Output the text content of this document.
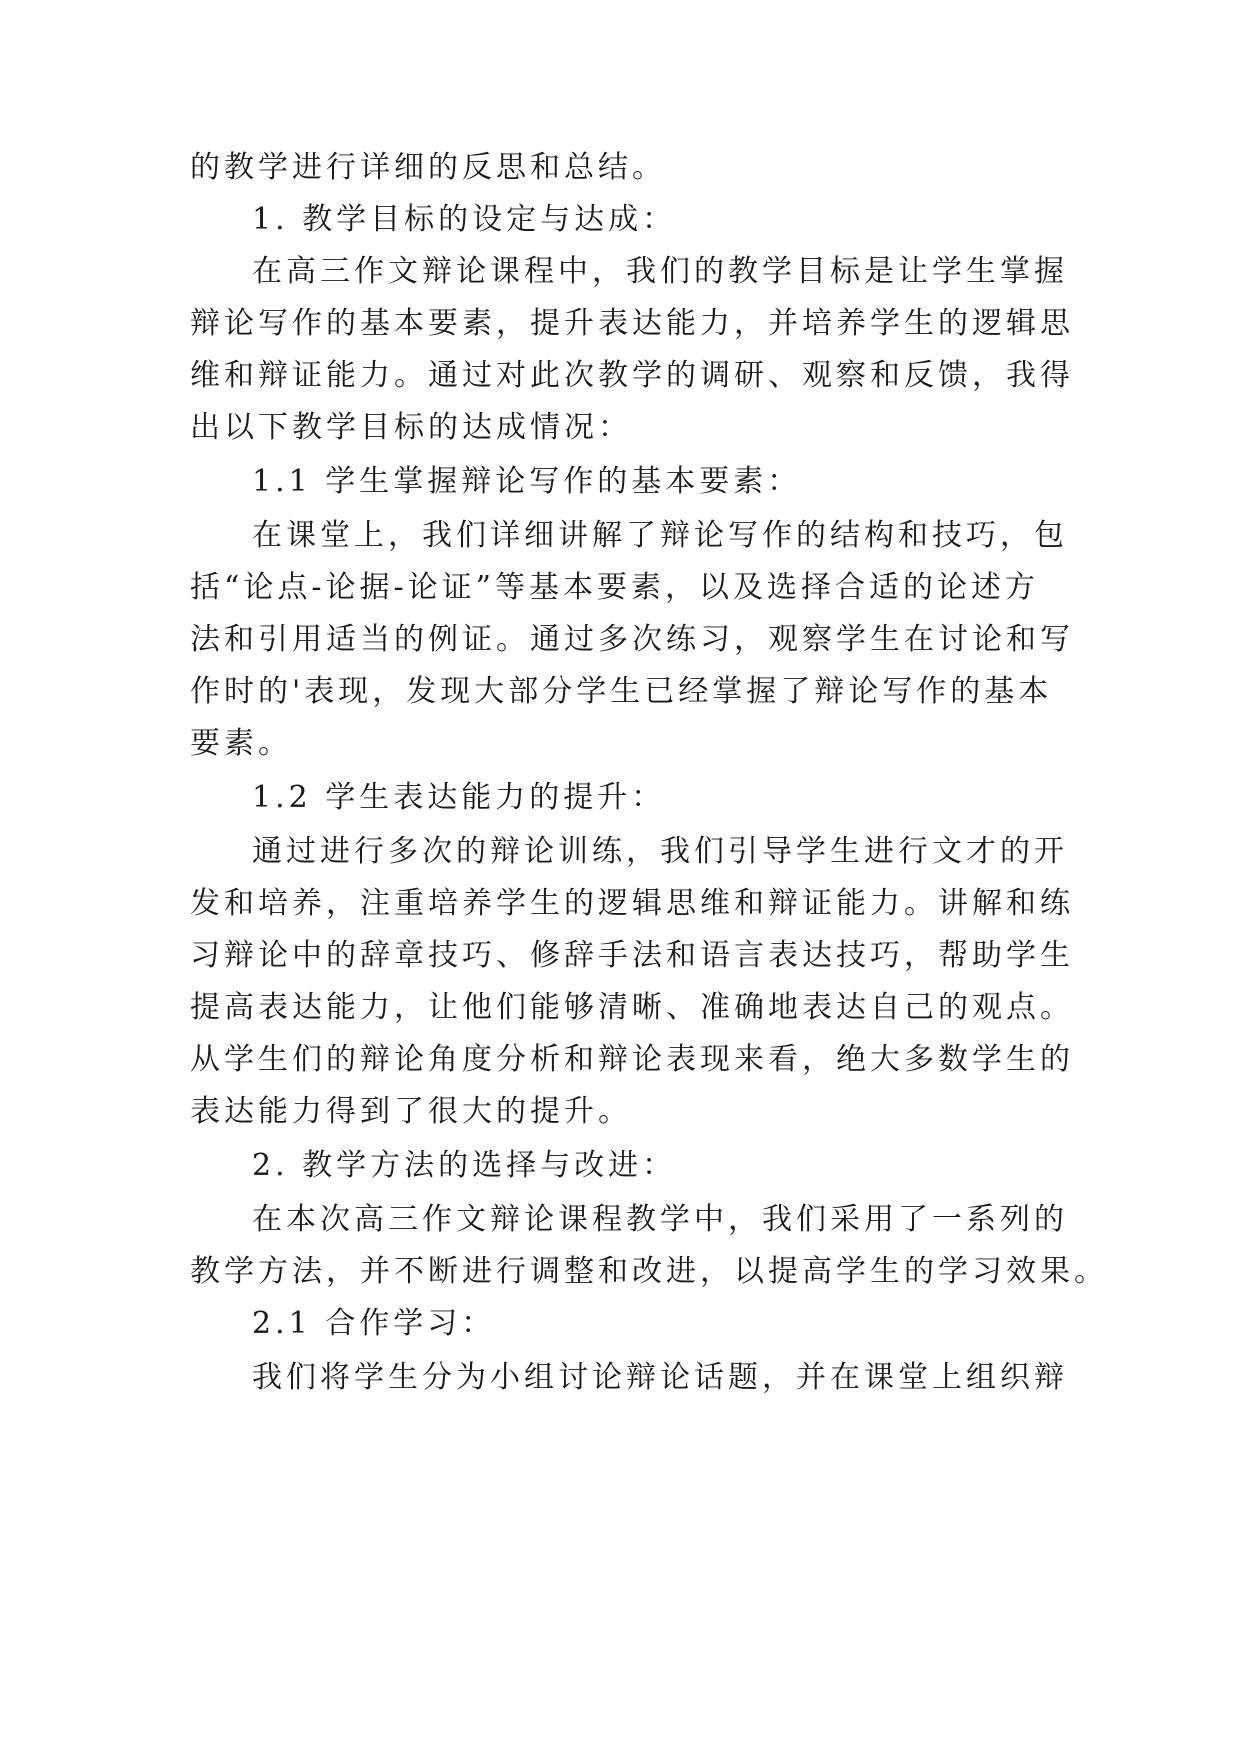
的教学进行详细的反思和总结。
1. 教学目标的设定与达成：
在高三作文辩论课程中，我们的教学目标是让学生掌握
辩论写作的基本要素，提升表达能力，并培养学生的逻辑思
维和辩证能力。通过对此次教学的调研、观察和反馈，我得
出以下教学目标的达成情况：
1.1 学生掌握辩论写作的基本要素：
在课堂上，我们详细讲解了辩论写作的结构和技巧，包
括“论点-论据-论证”等基本要素，以及选择合适的论述方
法和引用适当的例证。通过多次练习，观察学生在讨论和写
作时的'表现，发现大部分学生已经掌握了辩论写作的基本
要素。
1.2 学生表达能力的提升：
通过进行多次的辩论训练，我们引导学生进行文才的开
发和培养，注重培养学生的逻辑思维和辩证能力。讲解和练
习辩论中的辞章技巧、修辞手法和语言表达技巧，帮助学生
提高表达能力，让他们能够清晰、准确地表达自己的观点。
从学生们的辩论角度分析和辩论表现来看，绝大多数学生的
表达能力得到了很大的提升。
2. 教学方法的选择与改进：
在本次高三作文辩论课程教学中，我们采用了一系列的
教学方法，并不断进行调整和改进，以提高学生的学习效果。
2.1 合作学习：
我们将学生分为小组讨论辩论话题，并在课堂上组织辩
